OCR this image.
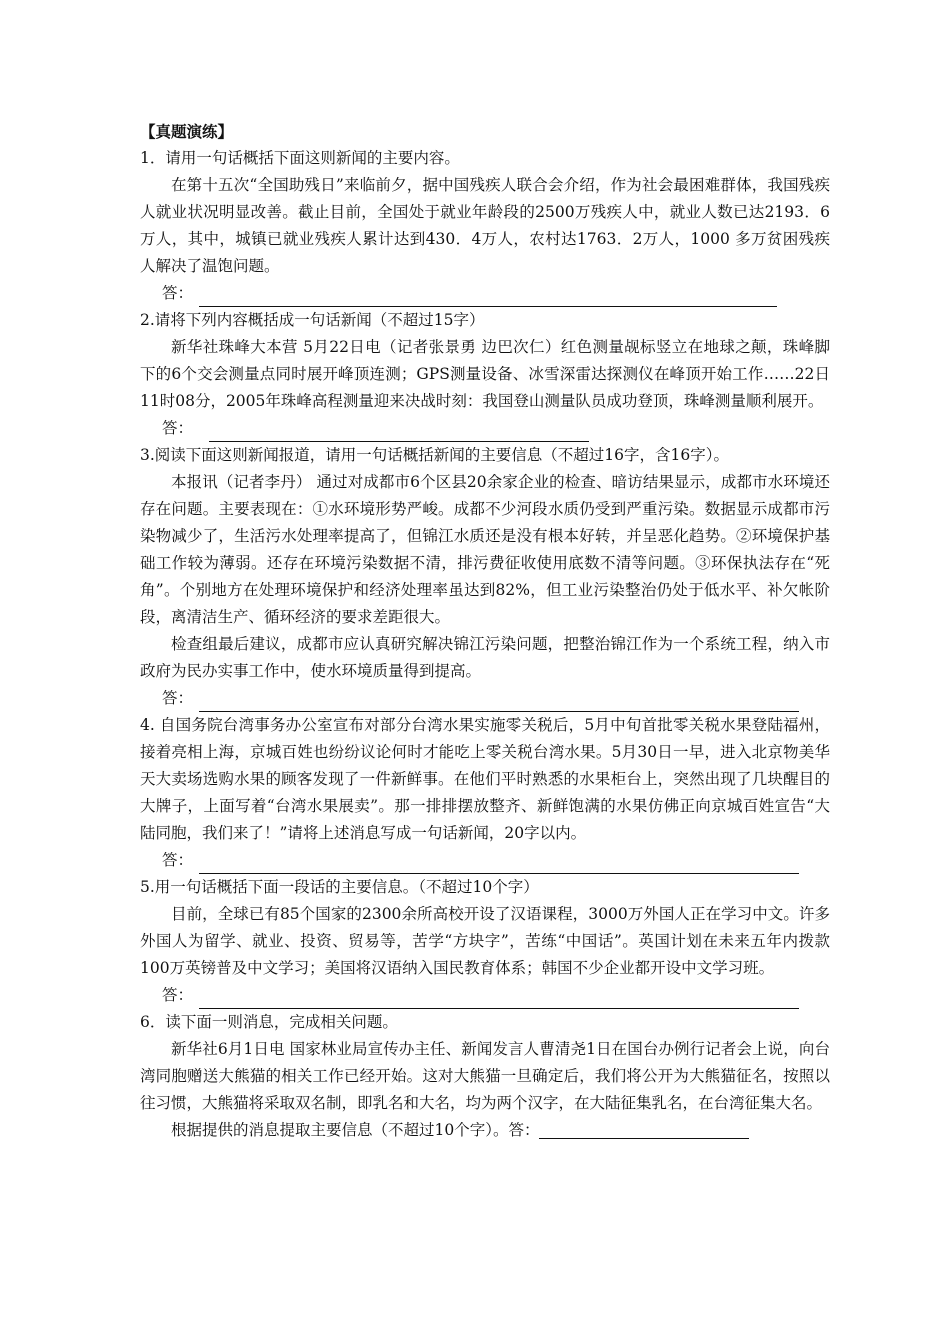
【真题演练】

1．请用一句话概括下面这则新闻的主要内容。

在第十五次“全国助残日”来临前夕，据中国残疾人联合会介绍，作为社会最困难群体，我国残疾人就业状况明显改善。截止目前，全国处于就业年龄段的2500万残疾人中，就业人数已达2193．6万人，其中，城镇已就业残疾人累计达到430．4万人，农村达1763．2万人，1000 多万贫困残疾人解决了温饱问题。

答：

2.请将下列内容概括成一句话新闻（不超过15字）

新华社珠峰大本营 5月22日电（记者张景勇 边巴次仁）红色测量觇标竖立在地球之颠，珠峰脚下的6个交会测量点同时展开峰顶连测；GPS测量设备、冰雪深雷达探测仪在峰顶开始工作……22日11时08分，2005年珠峰高程测量迎来决战时刻：我国登山测量队员成功登顶，珠峰测量顺利展开。

答：

3.阅读下面这则新闻报道，请用一句话概括新闻的主要信息（不超过16字，含16字）。

本报讯（记者李丹） 通过对成都市6个区县20余家企业的检查、暗访结果显示，成都市水环境还存在问题。主要表现在：①水环境形势严峻。成都不少河段水质仍受到严重污染。数据显示成都市污染物减少了，生活污水处理率提高了，但锦江水质还是没有根本好转，并呈恶化趋势。②环境保护基础工作较为薄弱。还存在环境污染数据不清，排污费征收使用底数不清等问题。③环保执法存在“死角”。个别地方在处理环境保护和经济处理率虽达到82%，但工业污染整治仍处于低水平、补欠帐阶段，离清洁生产、循环经济的要求差距很大。

检查组最后建议，成都市应认真研究解决锦江污染问题，把整治锦江作为一个系统工程，纳入市政府为民办实事工作中，使水环境质量得到提高。

答：

4. 自国务院台湾事务办公室宣布对部分台湾水果实施零关税后，5月中旬首批零关税水果登陆福州，接着亮相上海，京城百姓也纷纷议论何时才能吃上零关税台湾水果。5月30日一早，进入北京物美华天大卖场选购水果的顾客发现了一件新鲜事。在他们平时熟悉的水果柜台上，突然出现了几块醒目的大牌子，上面写着“台湾水果展卖”。那一排排摆放整齐、新鲜饱满的水果仿佛正向京城百姓宣告“大陆同胞，我们来了！”请将上述消息写成一句话新闻，20字以内。

答：

5.用一句话概括下面一段话的主要信息。（不超过10个字）

目前，全球已有85个国家的2300余所高校开设了汉语课程，3000万外国人正在学习中文。许多外国人为留学、就业、投资、贸易等，苦学“方块字”，苦练“中国话”。英国计划在未来五年内拨款100万英镑普及中文学习；美国将汉语纳入国民教育体系；韩国不少企业都开设中文学习班。

答：

6．读下面一则消息，完成相关问题。

新华社6月1日电 国家林业局宣传办主任、新闻发言人曹清尧1日在国台办例行记者会上说，向台湾同胞赠送大熊猫的相关工作已经开始。这对大熊猫一旦确定后，我们将公开为大熊猫征名，按照以往习惯，大熊猫将采取双名制，即乳名和大名，均为两个汉字，在大陆征集乳名，在台湾征集大名。

根据提供的消息提取主要信息（不超过10个字）。答：
